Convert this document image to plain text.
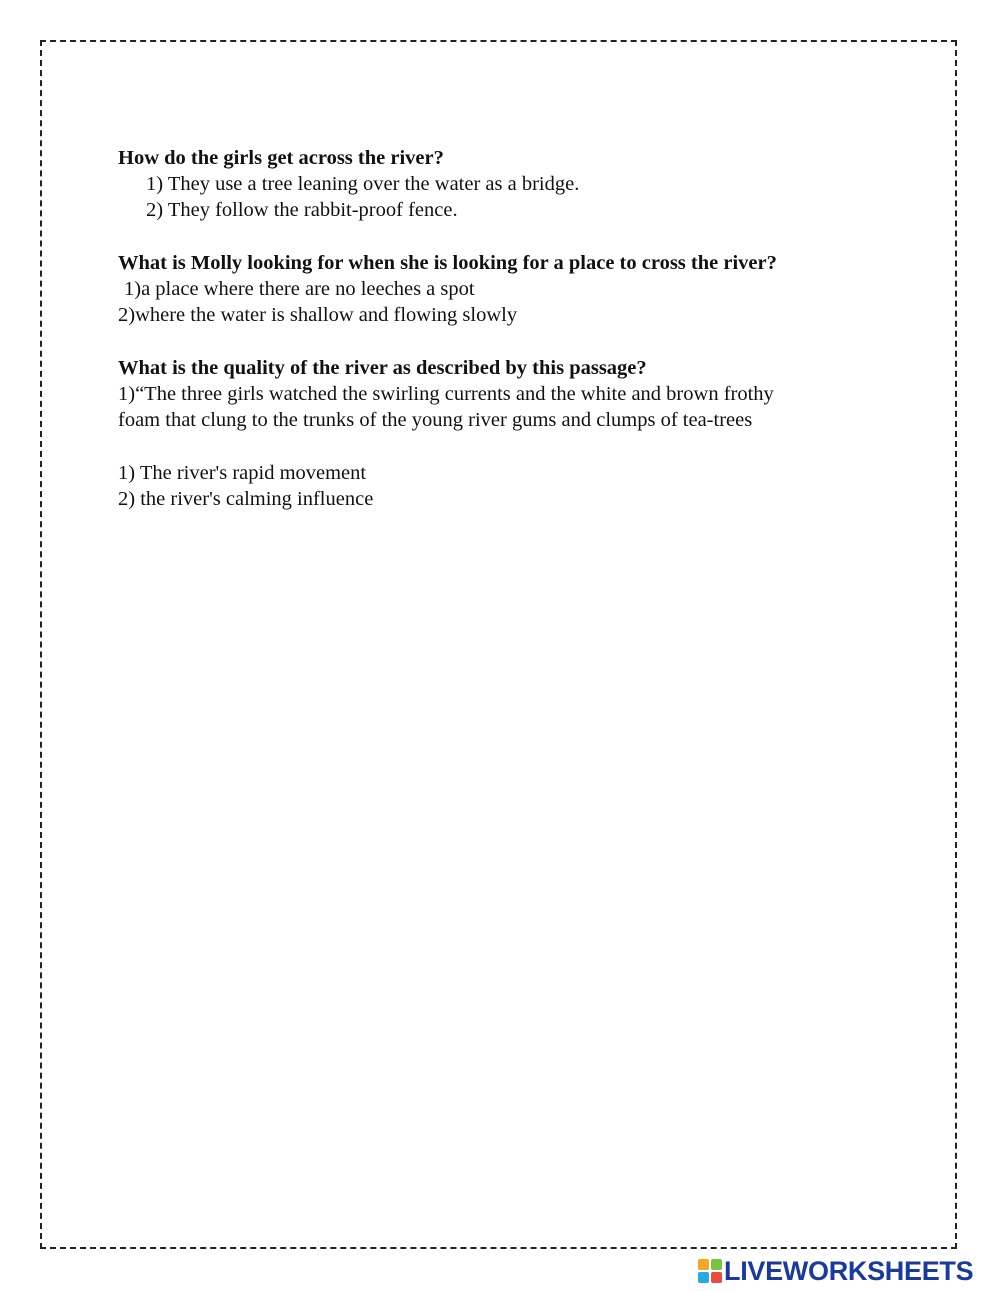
How do the girls get across the river?
1) They use a tree leaning over the water as a bridge.
2) They follow the rabbit-proof fence.
What is Molly looking for when she is looking for a place to cross the river?
1)a place where there are no leeches a spot
2)where the water is shallow and flowing slowly
What is the quality of the river as described by this passage?
1)“The three girls watched the swirling currents and the white and brown frothy
foam that clung to the trunks of the young river gums and clumps of tea-trees
1) The river's rapid movement
2) the river's calming influence
LIVEWORKSHEETS
